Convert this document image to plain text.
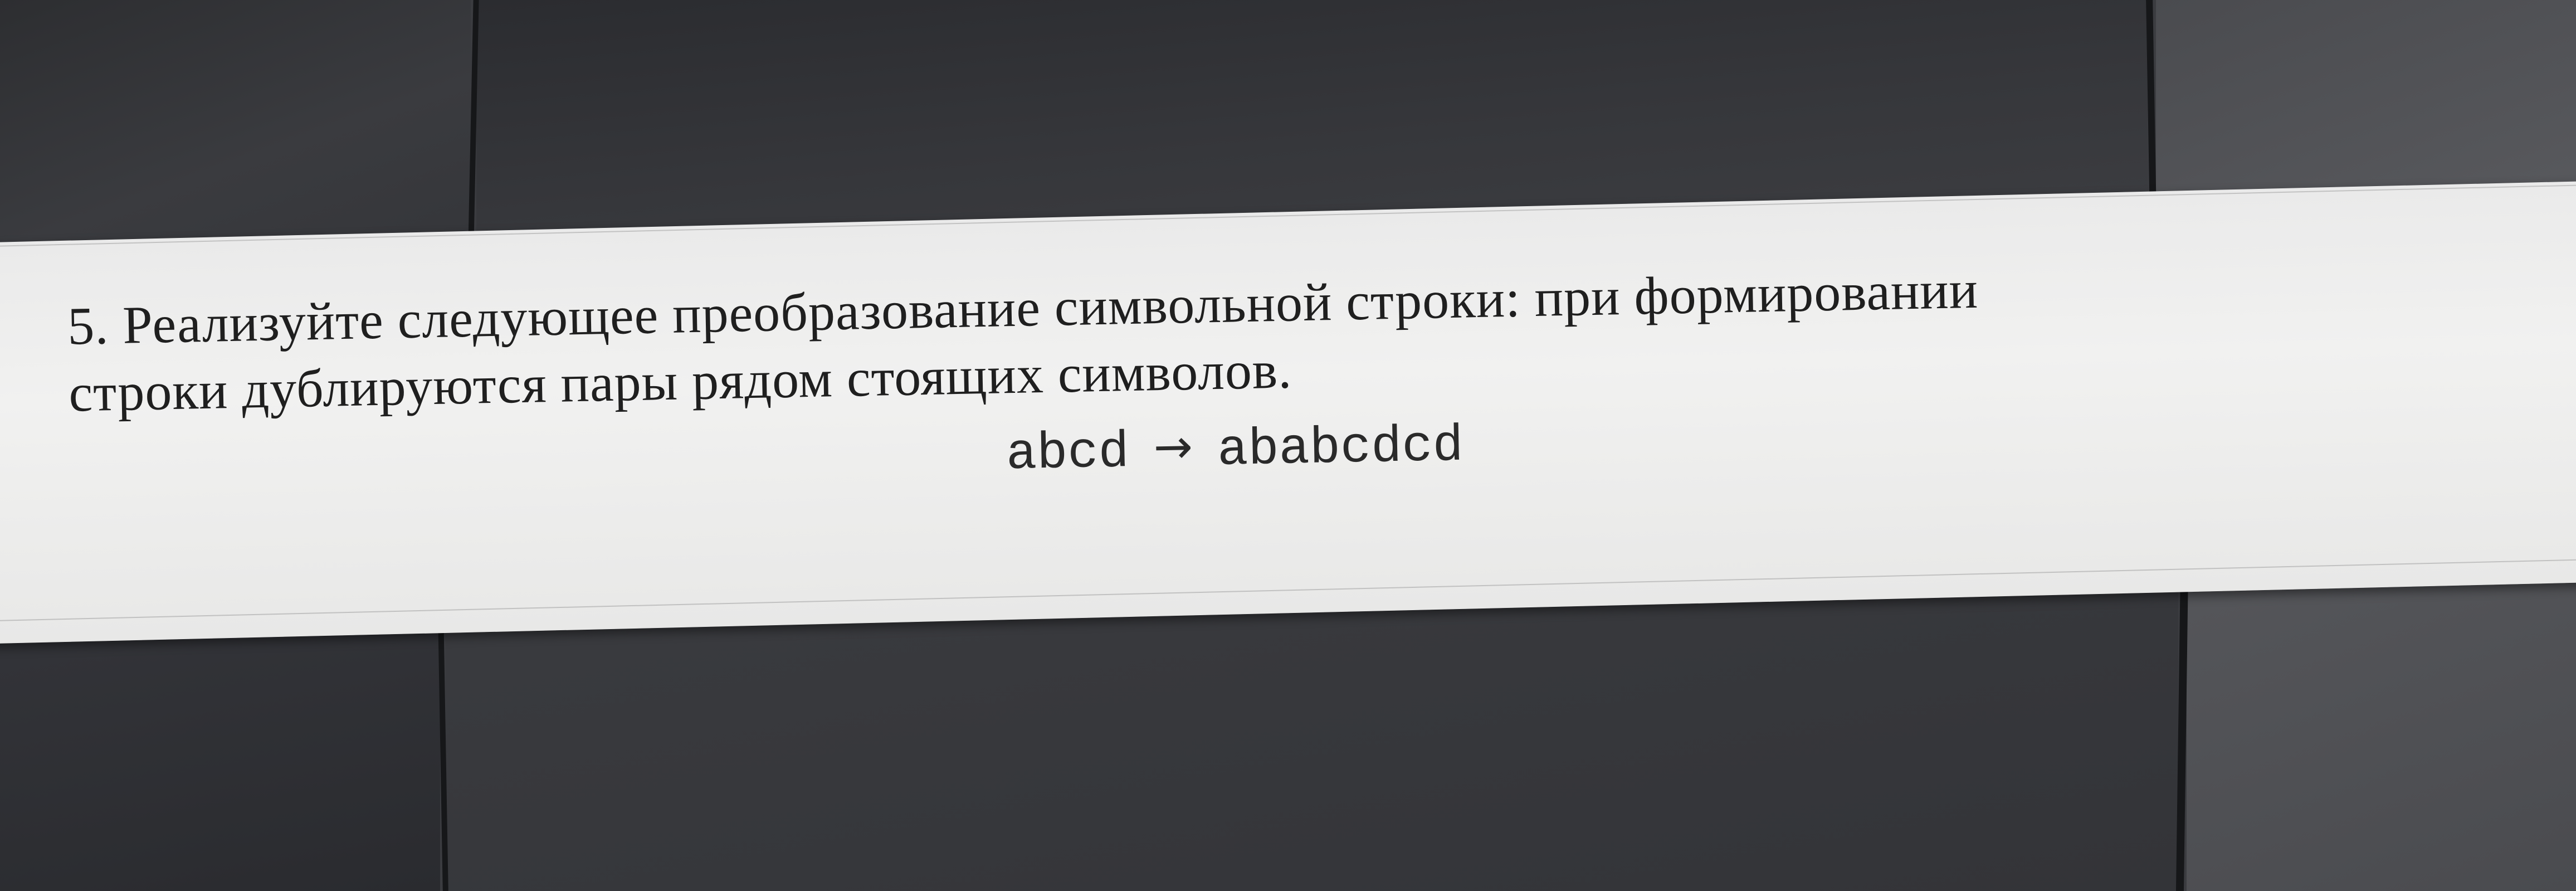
5. Реализуйте следующее преобразование символьной строки: при формировании
строки дублируются пары рядом стоящих символов.
abcd → ababcdcd
